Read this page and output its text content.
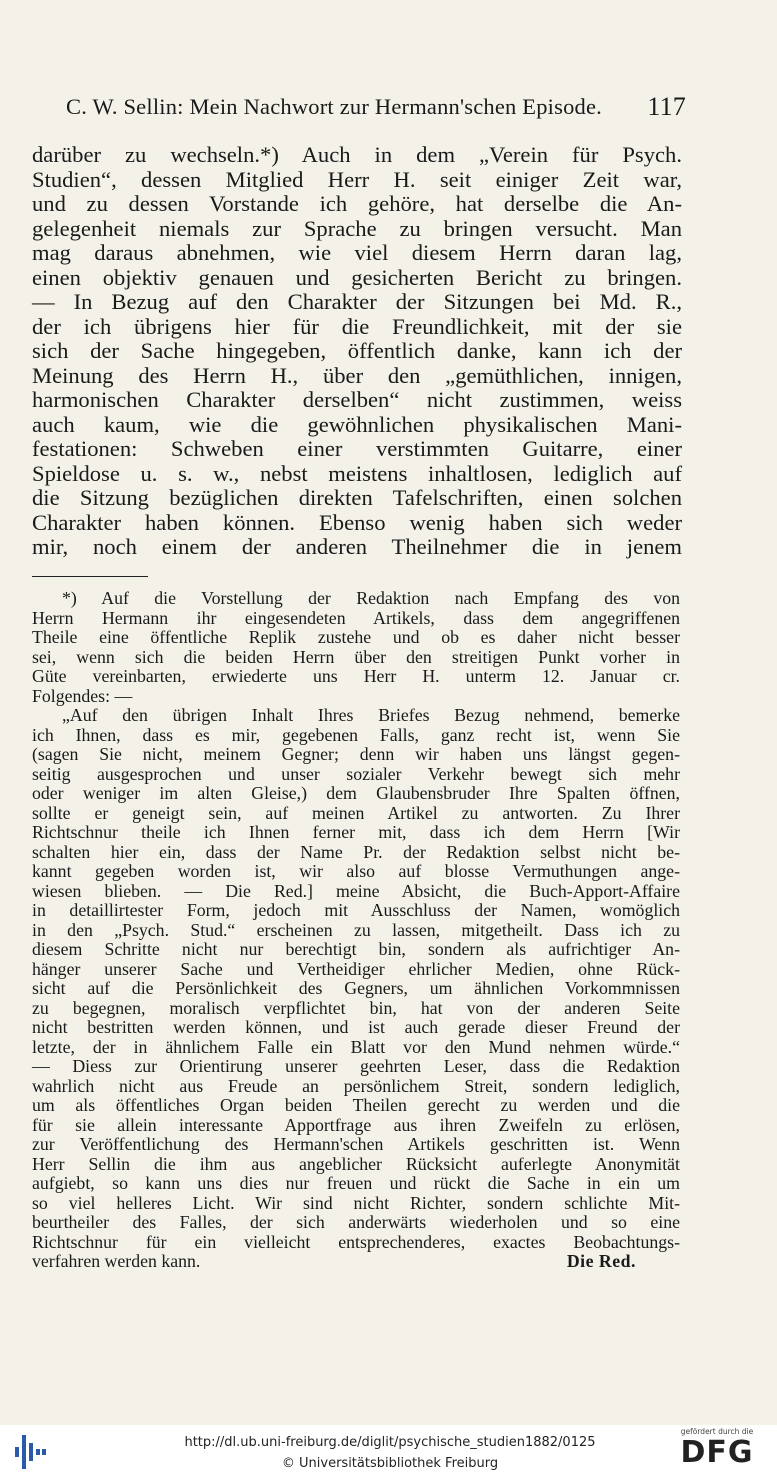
C. W. Sellin: Mein Nachwort zur Hermann'schen Episode. 117
darüber zu wechseln.*) Auch in dem „Verein für Psych.
Studien“, dessen Mitglied Herr H. seit einiger Zeit war,
und zu dessen Vorstande ich gehöre, hat derselbe die An-
gelegenheit niemals zur Sprache zu bringen versucht. Man
mag daraus abnehmen, wie viel diesem Herrn daran lag,
einen objektiv genauen und gesicherten Bericht zu bringen.
— In Bezug auf den Charakter der Sitzungen bei Md. R.,
der ich übrigens hier für die Freundlichkeit, mit der sie
sich der Sache hingegeben, öffentlich danke, kann ich der
Meinung des Herrn H., über den „gemüthlichen, innigen,
harmonischen Charakter derselben“ nicht zustimmen, weiss
auch kaum, wie die gewöhnlichen physikalischen Mani-
festationen: Schweben einer verstimmten Guitarre, einer
Spieldose u. s. w., nebst meistens inhaltlosen, lediglich auf
die Sitzung bezüglichen direkten Tafelschriften, einen solchen
Charakter haben können. Ebenso wenig haben sich weder
mir, noch einem der anderen Theilnehmer die in jenem
*) Auf die Vorstellung der Redaktion nach Empfang des von
Herrn Hermann ihr eingesendeten Artikels, dass dem angegriffenen
Theile eine öffentliche Replik zustehe und ob es daher nicht besser
sei, wenn sich die beiden Herrn über den streitigen Punkt vorher in
Güte vereinbarten, erwiederte uns Herr H. unterm 12. Januar cr.
Folgendes: —
„Auf den übrigen Inhalt Ihres Briefes Bezug nehmend, bemerke
ich Ihnen, dass es mir, gegebenen Falls, ganz recht ist, wenn Sie
(sagen Sie nicht, meinem Gegner; denn wir haben uns längst gegen-
seitig ausgesprochen und unser sozialer Verkehr bewegt sich mehr
oder weniger im alten Gleise,) dem Glaubensbruder Ihre Spalten öffnen,
sollte er geneigt sein, auf meinen Artikel zu antworten. Zu Ihrer
Richtschnur theile ich Ihnen ferner mit, dass ich dem Herrn [Wir
schalten hier ein, dass der Name Pr. der Redaktion selbst nicht be-
kannt gegeben worden ist, wir also auf blosse Vermuthungen ange-
wiesen blieben. — Die Red.] meine Absicht, die Buch-Apport-Affaire
in detaillirtester Form, jedoch mit Ausschluss der Namen, womöglich
in den „Psych. Stud.“ erscheinen zu lassen, mitgetheilt. Dass ich zu
diesem Schritte nicht nur berechtigt bin, sondern als aufrichtiger An-
hänger unserer Sache und Vertheidiger ehrlicher Medien, ohne Rück-
sicht auf die Persönlichkeit des Gegners, um ähnlichen Vorkommnissen
zu begegnen, moralisch verpflichtet bin, hat von der anderen Seite
nicht bestritten werden können, und ist auch gerade dieser Freund der
letzte, der in ähnlichem Falle ein Blatt vor den Mund nehmen würde.“
— Diess zur Orientirung unserer geehrten Leser, dass die Redaktion
wahrlich nicht aus Freude an persönlichem Streit, sondern lediglich,
um als öffentliches Organ beiden Theilen gerecht zu werden und die
für sie allein interessante Apportfrage aus ihren Zweifeln zu erlösen,
zur Veröffentlichung des Hermann'schen Artikels geschritten ist. Wenn
Herr Sellin die ihm aus angeblicher Rücksicht auferlegte Anonymität
aufgiebt, so kann uns dies nur freuen und rückt die Sache in ein um
so viel helleres Licht. Wir sind nicht Richter, sondern schlichte Mit-
beurtheiler des Falles, der sich anderwärts wiederholen und so eine
Richtschnur für ein vielleicht entsprechenderes, exactes Beobachtungs-
verfahren werden kann.	Die Red.
http://dl.ub.uni-freiburg.de/diglit/psychische_studien1882/0125
© Universitätsbibliothek Freiburg
gefördert durch die
DFG
